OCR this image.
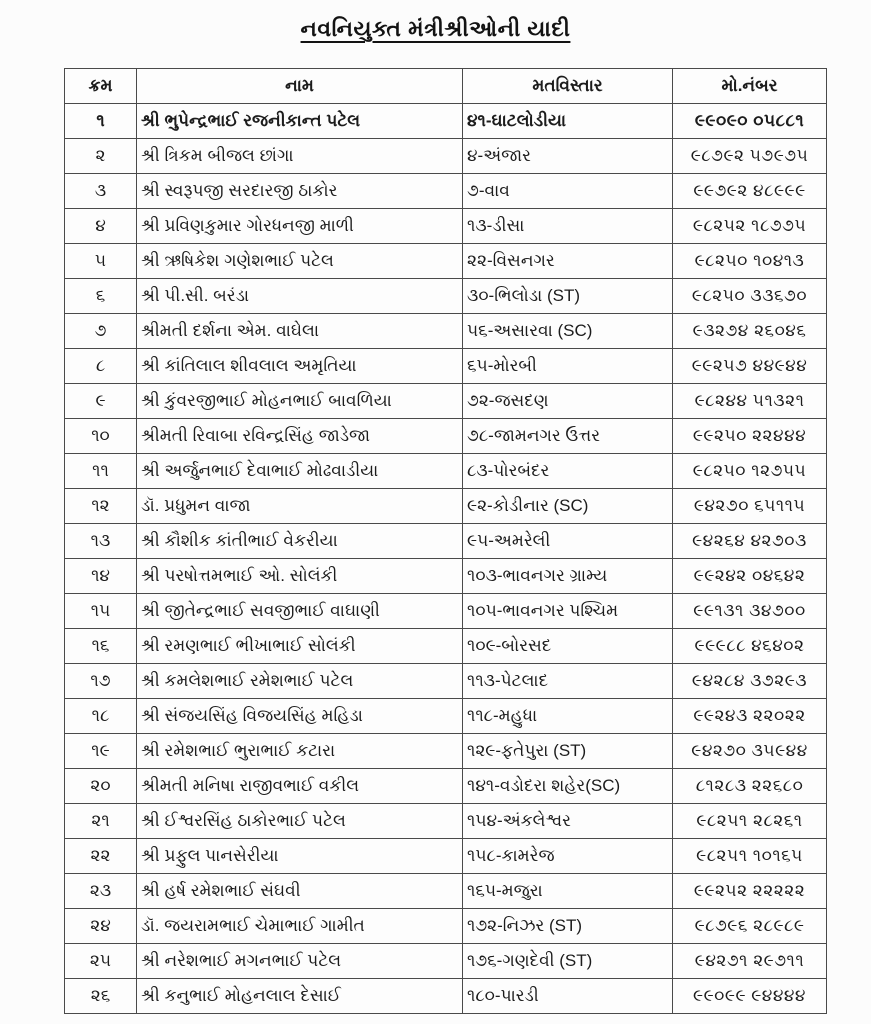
નવનિયુક્ત મંત્રીશ્રીઓની યાદી
ક્રમ	નામ	મતવિસ્તાર	મો.નંબર
૧	શ્રી ભુપેન્દ્રભાઈ રજનીકાન્ત પટેલ	૪૧-ઘાટલોડીયા	૯૯૦૯૦ ૦૫૮૮૧
૨	શ્રી ત્રિકમ બીજલ છાંગા	૪-અંજાર	૯૮૭૯૨ ૫૭૯૭૫
૩	શ્રી સ્વરૂપજી સરદારજી ઠાકોર	૭-વાવ	૯૯૭૯૨ ૪૮૯૯૯
૪	શ્રી પ્રવિણકુમાર ગોરધનજી માળી	૧૩-ડીસા	૯૮૨૫૨ ૧૮૭૭૫
૫	શ્રી ઋષિકેશ ગણેશભાઈ પટેલ	૨૨-વિસનગર	૯૮૨૫૦ ૧૦૪૧૩
૬	શ્રી પી.સી. બરંડા	૩૦-ભિલોડા (ST)	૯૮૨૫૦ ૩૩૬૭૦
૭	શ્રીમતી દર્શના એમ. વાઘેલા	૫૬-અસારવા (SC)	૯૩૨૭૪ ૨૬૦૪૬
૮	શ્રી કાંતિલાલ શીવલાલ અમૃતિયા	૬૫-મોરબી	૯૯૨૫૭ ૪૪૯૪૪
૯	શ્રી કુંવરજીભાઈ મોહનભાઈ બાવળિયા	૭૨-જસદણ	૯૮૨૪૪ ૫૧૩૨૧
૧૦	શ્રીમતી રિવાબા રવિન્દ્રસિંહ જાડેજા	૭૮-જામનગર ઉત્તર	૯૯૨૫૦ ૨૨૪૪૪
૧૧	શ્રી અર્જુનભાઈ દેવાભાઈ મોઢવાડીયા	૮૩-પોરબંદર	૯૮૨૫૦ ૧૨૭૫૫
૧૨	ડૉ. પ્રધુમન વાજા	૯૨-કોડીનાર (SC)	૯૪૨૭૦ ૬૫૧૧૫
૧૩	શ્રી કૌશીક કાંતીભાઈ વેકરીયા	૯૫-અમરેલી	૯૪૨૬૪ ૪૨૭૦૩
૧૪	શ્રી પરષોત્તમભાઈ ઓ. સોલંકી	૧૦૩-ભાવનગર ગ્રામ્ય	૯૯૨૪૨ ૦૪૬૪૨
૧૫	શ્રી જીતેન્દ્રભાઈ સવજીભાઈ વાઘાણી	૧૦૫-ભાવનગર પશ્ચિમ	૯૯૧૩૧ ૩૪૭૦૦
૧૬	શ્રી રમણભાઈ ભીખાભાઈ સોલંકી	૧૦૯-બોરસદ	૯૯૯૮૮ ૪૬૪૦૨
૧૭	શ્રી કમલેશભાઈ રમેશભાઈ પટેલ	૧૧૩-પેટલાદ	૯૪૨૮૪ ૩૭૨૯૩
૧૮	શ્રી સંજયસિંહ વિજયસિંહ મહિડા	૧૧૮-મહુધા	૯૯૨૪૩ ૨૨૦૨૨
૧૯	શ્રી રમેશભાઈ ભુરાભાઈ કટારા	૧૨૯-ફતેપુરા (ST)	૯૪૨૭૦ ૩૫૯૪૪
૨૦	શ્રીમતી મનિષા રાજીવભાઈ વકીલ	૧૪૧-વડોદરા શહેર(SC)	૮૧૨૮૩ ૨૨૬૮૦
૨૧	શ્રી ઈશ્વરસિંહ ઠાકોરભાઈ પટેલ	૧૫૪-અંકલેશ્વર	૯૮૨૫૧ ૨૮૨૬૧
૨૨	શ્રી પ્રફુલ પાનસેરીયા	૧૫૮-કામરેજ	૯૮૨૫૧ ૧૦૧૬૫
૨૩	શ્રી હર્ષ રમેશભાઈ સંઘવી	૧૬૫-મજુરા	૯૯૨૫૨ ૨૨૨૨૨
૨૪	ડૉ. જયરામભાઈ ચેમાભાઈ ગામીત	૧૭૨-નિઝર (ST)	૯૮૭૯૬ ૨૮૯૮૯
૨૫	શ્રી નરેશભાઈ મગનભાઈ પટેલ	૧૭૬-ગણદેવી (ST)	૯૪૨૭૧ ૨૯૭૧૧
૨૬	શ્રી કનુભાઈ મોહનલાલ દેસાઈ	૧૮૦-પારડી	૯૯૦૯૯ ૯૪૪૪૪
